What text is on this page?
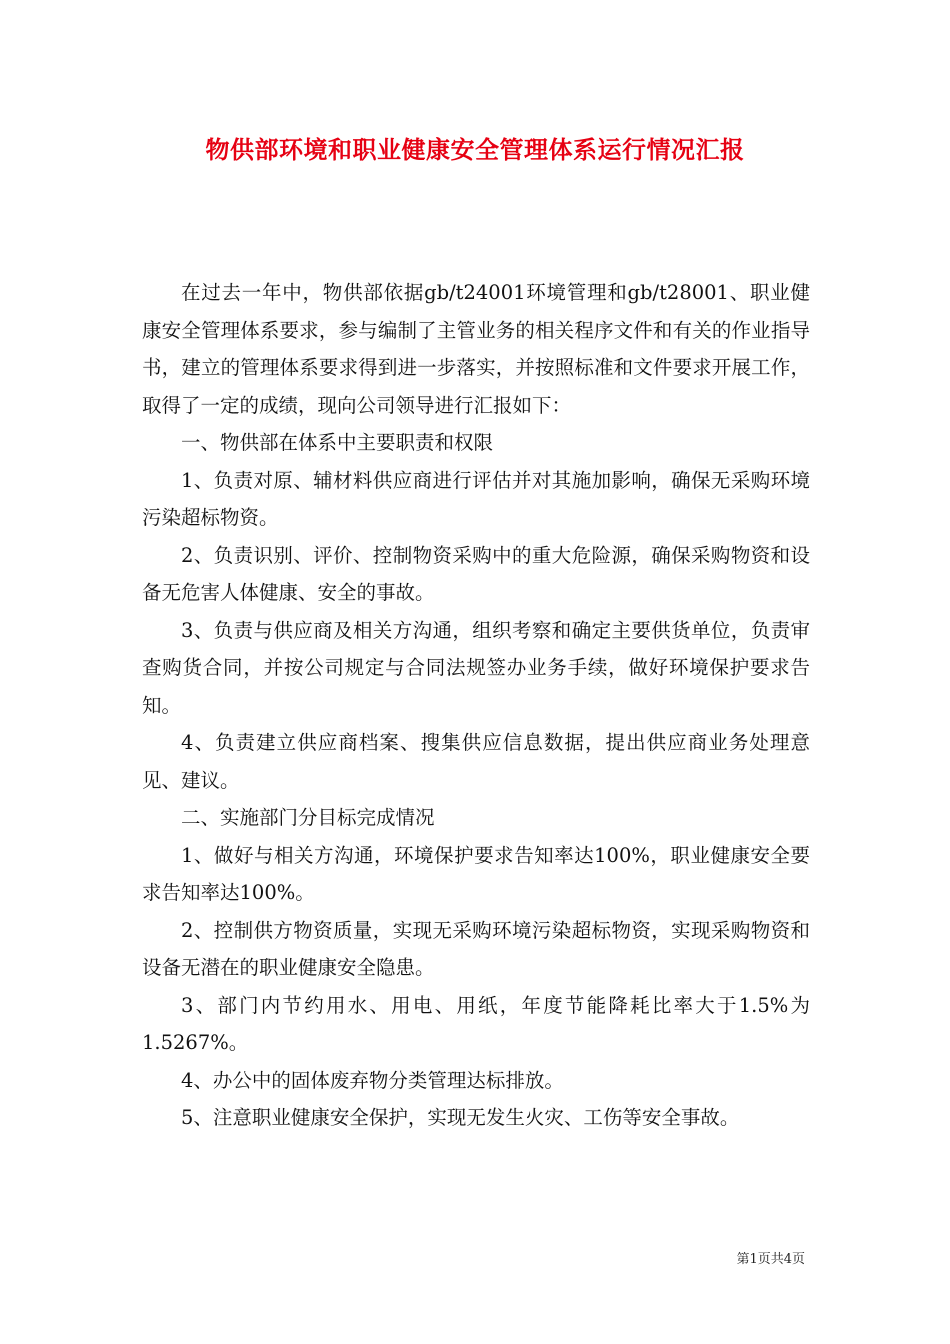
物供部环境和职业健康安全管理体系运行情况汇报

在过去一年中，物供部依据gb/t24001环境管理和gb/t28001、职业健康安全管理体系要求，参与编制了主管业务的相关程序文件和有关的作业指导书，建立的管理体系要求得到进一步落实，并按照标准和文件要求开展工作，取得了一定的成绩，现向公司领导进行汇报如下：

一、物供部在体系中主要职责和权限

1、负责对原、辅材料供应商进行评估并对其施加影响，确保无采购环境污染超标物资。

2、负责识别、评价、控制物资采购中的重大危险源，确保采购物资和设备无危害人体健康、安全的事故。

3、负责与供应商及相关方沟通，组织考察和确定主要供货单位，负责审查购货合同，并按公司规定与合同法规签办业务手续，做好环境保护要求告知。

4、负责建立供应商档案、搜集供应信息数据，提出供应商业务处理意见、建议。

二、实施部门分目标完成情况

1、做好与相关方沟通，环境保护要求告知率达100%，职业健康安全要求告知率达100%。

2、控制供方物资质量，实现无采购环境污染超标物资，实现采购物资和设备无潜在的职业健康安全隐患。

3、部门内节约用水、用电、用纸，年度节能降耗比率大于1.5%为1.5267%。

4、办公中的固体废弃物分类管理达标排放。

5、注意职业健康安全保护，实现无发生火灾、工伤等安全事故。

第1页共4页
